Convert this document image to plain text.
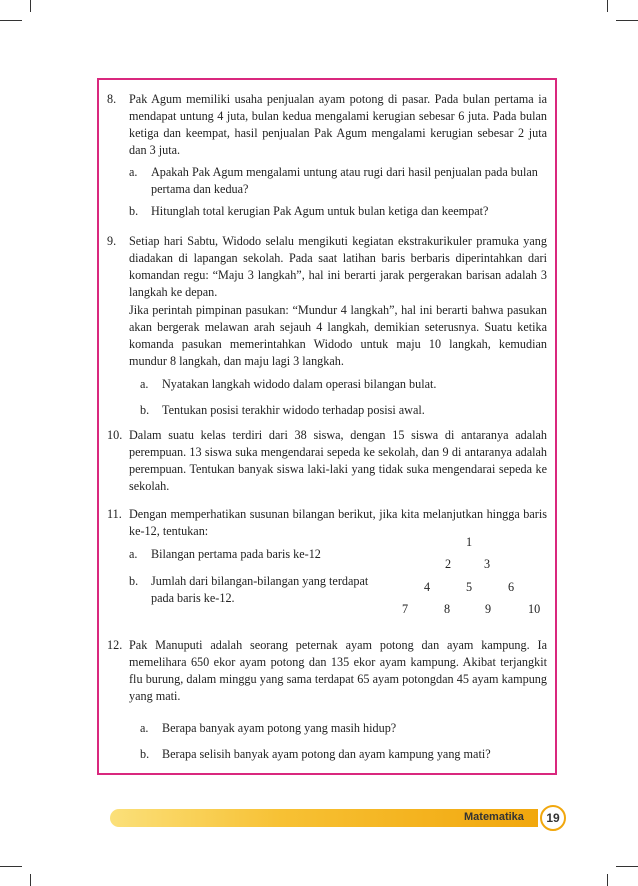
8. Pak Agum memiliki usaha penjualan ayam potong di pasar. Pada bulan pertama ia mendapat untung 4 juta, bulan kedua mengalami kerugian sebesar 6 juta. Pada bulan ketiga dan keempat, hasil penjualan Pak Agum mengalami kerugian sebesar 2 juta dan 3 juta.
a. Apakah Pak Agum mengalami untung atau rugi dari hasil penjualan pada bulan pertama dan kedua?
b. Hitunglah total kerugian Pak Agum untuk bulan ketiga dan keempat?
9. Setiap hari Sabtu, Widodo selalu mengikuti kegiatan ekstrakurikuler pramuka yang diadakan di lapangan sekolah. Pada saat latihan baris berbaris diperintahkan dari komandan regu: “Maju 3 langkah”, hal ini berarti jarak pergerakan barisan adalah 3 langkah ke depan.
Jika perintah pimpinan pasukan: “Mundur 4 langkah”, hal ini berarti bahwa pasukan akan bergerak melawan arah sejauh 4 langkah, demikian seterusnya. Suatu ketika komanda pasukan memerintahkan Widodo untuk maju 10 langkah, kemudian mundur 8 langkah, dan maju lagi 3 langkah.
a. Nyatakan langkah widodo dalam operasi bilangan bulat.
b. Tentukan posisi terakhir widodo terhadap posisi awal.
10. Dalam suatu kelas terdiri dari 38 siswa, dengan 15 siswa di antaranya adalah perempuan. 13 siswa suka mengendarai sepeda ke sekolah, dan 9 di antaranya adalah perempuan. Tentukan banyak siswa laki-laki yang tidak suka mengendarai sepeda ke sekolah.
11. Dengan memperhatikan susunan bilangan berikut, jika kita melanjutkan hingga baris ke-12, tentukan:
a. Bilangan pertama pada baris ke-12
b. Jumlah dari bilangan-bilangan yang terdapat pada baris ke-12.
1
2	3
4	5	6
7	8	9	10
12. Pak Manuputi adalah seorang peternak ayam potong dan ayam kampung. Ia memelihara 650 ekor ayam potong dan 135 ekor ayam kampung. Akibat terjangkit flu burung, dalam minggu yang sama terdapat 65 ayam potongdan 45 ayam kampung yang mati.
a. Berapa banyak ayam potong yang masih hidup?
b. Berapa selisih banyak ayam potong dan ayam kampung yang mati?
Matematika	19
